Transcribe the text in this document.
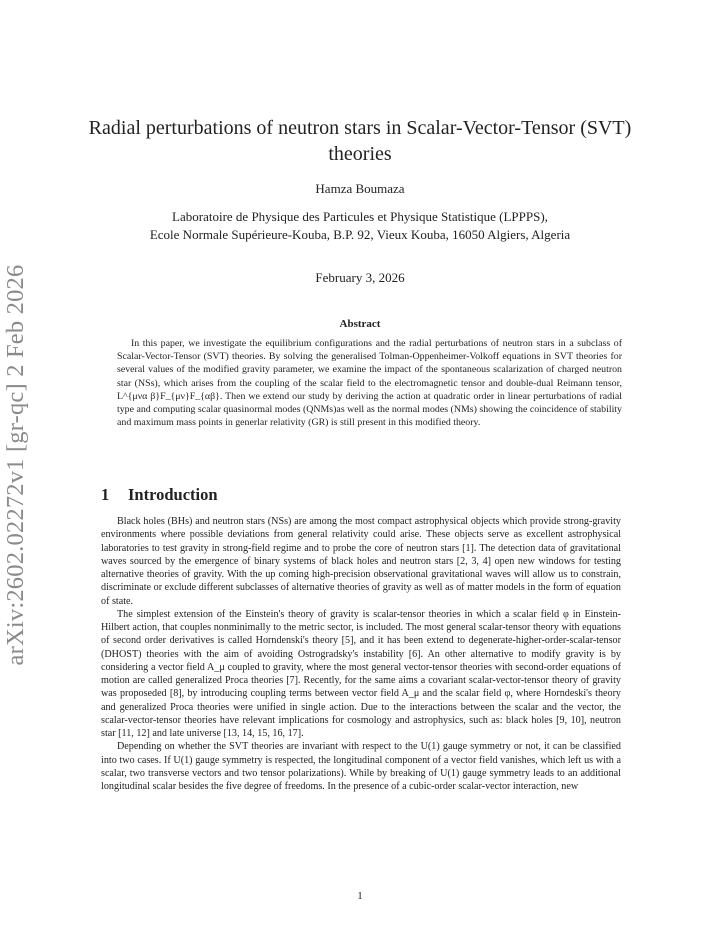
arXiv:2602.02272v1 [gr-qc] 2 Feb 2026
Radial perturbations of neutron stars in Scalar-Vector-Tensor (SVT) theories
Hamza Boumaza
Laboratoire de Physique des Particules et Physique Statistique (LPPPS),
Ecole Normale Supérieure-Kouba, B.P. 92, Vieux Kouba, 16050 Algiers, Algeria
February 3, 2026
Abstract

In this paper, we investigate the equilibrium configurations and the radial perturbations of neutron stars in a subclass of Scalar-Vector-Tensor (SVT) theories. By solving the generalised Tolman-Oppenheimer-Volkoff equations in SVT theories for several values of the modified gravity parameter, we examine the impact of the spontaneous scalarization of charged neutron star (NSs), which arises from the coupling of the scalar field to the electromagnetic tensor and double-dual Reimann tensor, L^{μνα β}F_{μν}F_{αβ}. Then we extend our study by deriving the action at quadratic order in linear perturbations of radial type and computing scalar quasinormal modes (QNMs)as well as the normal modes (NMs) showing the coincidence of stability and maximum mass points in generlar relativity (GR) is still present in this modified theory.

1 Introduction

Black holes (BHs) and neutron stars (NSs) are among the most compact astrophysical objects which provide strong-gravity environments where possible deviations from general relativity could arise. These objects serve as excellent astrophysical laboratories to test gravity in strong-field regime and to probe the core of neutron stars [1]. The detection data of gravitational waves sourced by the emergence of binary systems of black holes and neutron stars [2, 3, 4] open new windows for testing alternative theories of gravity. With the up coming high-precision observational gravitational waves will allow us to constrain, discriminate or exclude different subclasses of alternative theories of gravity as well as of matter models in the form of equation of state.

The simplest extension of the Einstein's theory of gravity is scalar-tensor theories in which a scalar field φ in Einstein-Hilbert action, that couples nonminimally to the metric sector, is included. The most general scalar-tensor theory with equations of second order derivatives is called Horndenski's theory [5], and it has been extend to degenerate-higher-order-scalar-tensor (DHOST) theories with the aim of avoiding Ostrogradsky's instability [6]. An other alternative to modify gravity is by considering a vector field A_μ coupled to gravity, where the most general vector-tensor theories with second-order equations of motion are called generalized Proca theories [7]. Recently, for the same aims a covariant scalar-vector-tensor theory of gravity was proposeded [8], by introducing coupling terms between vector field A_μ and the scalar field φ, where Horndeski's theory and generalized Proca theories were unified in single action. Due to the interactions between the scalar and the vector, the scalar-vector-tensor theories have relevant implications for cosmology and astrophysics, such as: black holes [9, 10], neutron star [11, 12] and late universe [13, 14, 15, 16, 17].

Depending on whether the SVT theories are invariant with respect to the U(1) gauge symmetry or not, it can be classified into two cases. If U(1) gauge symmetry is respected, the longitudinal component of a vector field vanishes, which left us with a scalar, two transverse vectors and two tensor polarizations). While by breaking of U(1) gauge symmetry leads to an additional longitudinal scalar besides the five degree of freedoms. In the presence of a cubic-order scalar-vector interaction, new

1
